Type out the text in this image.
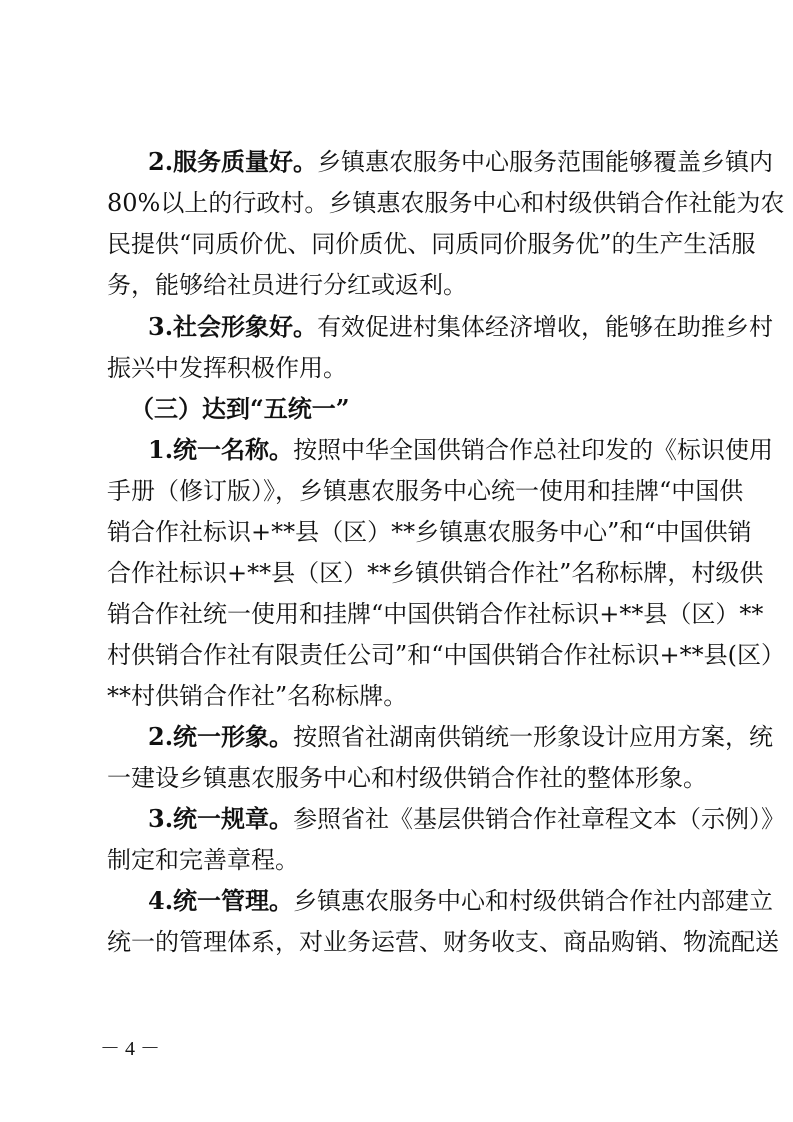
2.服务质量好。乡镇惠农服务中心服务范围能够覆盖乡镇内
80%以上的行政村。乡镇惠农服务中心和村级供销合作社能为农
民提供“同质价优、同价质优、同质同价服务优”的生产生活服
务，能够给社员进行分红或返利。
3.社会形象好。有效促进村集体经济增收，能够在助推乡村
振兴中发挥积极作用。
（三）达到“五统一”
1.统一名称。按照中华全国供销合作总社印发的《标识使用
手册（修订版）》，乡镇惠农服务中心统一使用和挂牌“中国供
销合作社标识+**县（区）**乡镇惠农服务中心”和“中国供销
合作社标识+**县（区）**乡镇供销合作社”名称标牌，村级供
销合作社统一使用和挂牌“中国供销合作社标识+**县（区）**
村供销合作社有限责任公司”和“中国供销合作社标识+**县(区）
**村供销合作社”名称标牌。
2.统一形象。按照省社湖南供销统一形象设计应用方案，统
一建设乡镇惠农服务中心和村级供销合作社的整体形象。
3.统一规章。参照省社《基层供销合作社章程文本（示例）》
制定和完善章程。
4.统一管理。乡镇惠农服务中心和村级供销合作社内部建立
统一的管理体系，对业务运营、财务收支、商品购销、物流配送
－ 4 －
